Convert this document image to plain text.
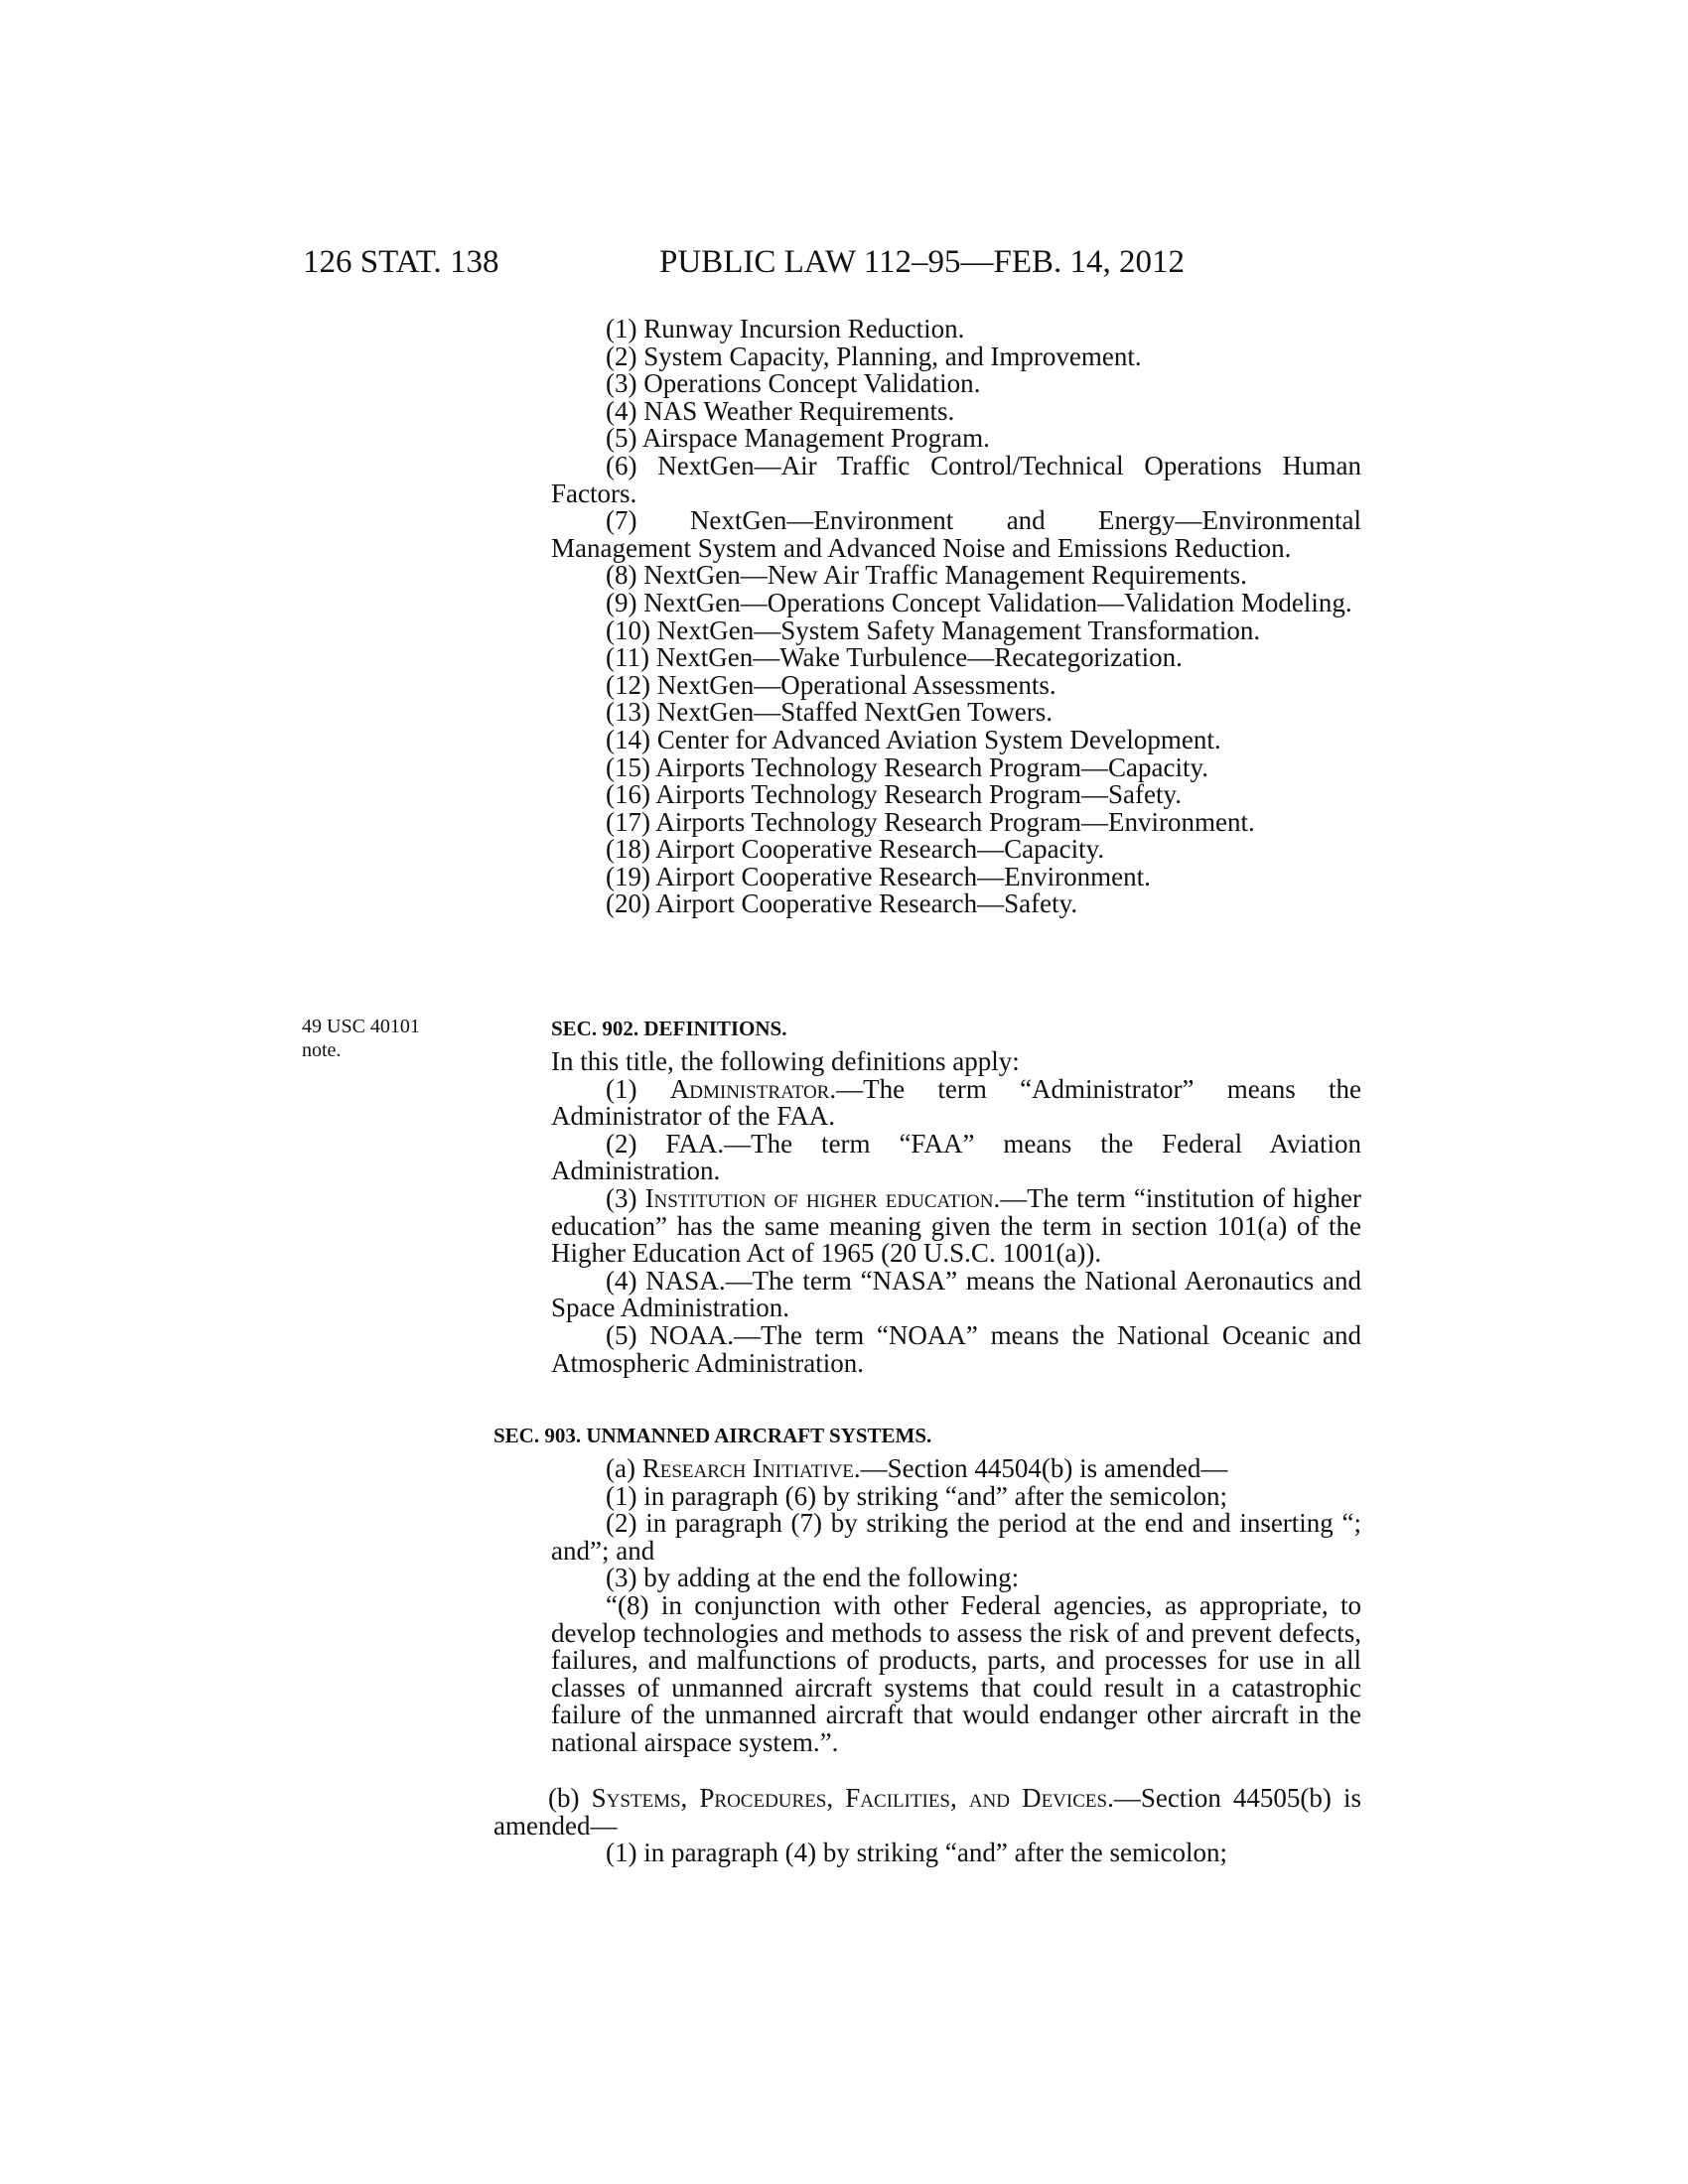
126 STAT. 138	PUBLIC LAW 112–95—FEB. 14, 2012

(1) Runway Incursion Reduction.

(2) System Capacity, Planning, and Improvement.

(3) Operations Concept Validation.

(4) NAS Weather Requirements.

(5) Airspace Management Program.

(6) NextGen—Air Traffic Control/Technical Operations Human Factors.

(7) NextGen—Environment and Energy—Environmental Management System and Advanced Noise and Emissions Reduction.

(8) NextGen—New Air Traffic Management Requirements.

(9) NextGen—Operations Concept Validation—Validation Modeling.

(10) NextGen—System Safety Management Transformation.

(11) NextGen—Wake Turbulence—Recategorization.

(12) NextGen—Operational Assessments.

(13) NextGen—Staffed NextGen Towers.

(14) Center for Advanced Aviation System Development.

(15) Airports Technology Research Program—Capacity.

(16) Airports Technology Research Program—Safety.

(17) Airports Technology Research Program—Environment.

(18) Airport Cooperative Research—Capacity.

(19) Airport Cooperative Research—Environment.

(20) Airport Cooperative Research—Safety.

49 USC 40101

note.

SEC. 902. DEFINITIONS.

In this title, the following definitions apply:

(1) Administrator.—The term “Administrator” means the Administrator of the FAA.

(2) FAA.—The term “FAA” means the Federal Aviation Administration.

(3) Institution of higher education.—The term “institution of higher education” has the same meaning given the term in section 101(a) of the Higher Education Act of 1965 (20 U.S.C. 1001(a)).

(4) NASA.—The term “NASA” means the National Aeronautics and Space Administration.

(5) NOAA.—The term “NOAA” means the National Oceanic and Atmospheric Administration.

SEC. 903. UNMANNED AIRCRAFT SYSTEMS.

(a) Research Initiative.—Section 44504(b) is amended—

(1) in paragraph (6) by striking “and” after the semicolon;

(2) in paragraph (7) by striking the period at the end and inserting “; and”; and

(3) by adding at the end the following:

“(8) in conjunction with other Federal agencies, as appropriate, to develop technologies and methods to assess the risk of and prevent defects, failures, and malfunctions of products, parts, and processes for use in all classes of unmanned aircraft systems that could result in a catastrophic failure of the unmanned aircraft that would endanger other aircraft in the national airspace system.”.

(b) Systems, Procedures, Facilities, and Devices.—Section 44505(b) is amended—

(1) in paragraph (4) by striking “and” after the semicolon;
